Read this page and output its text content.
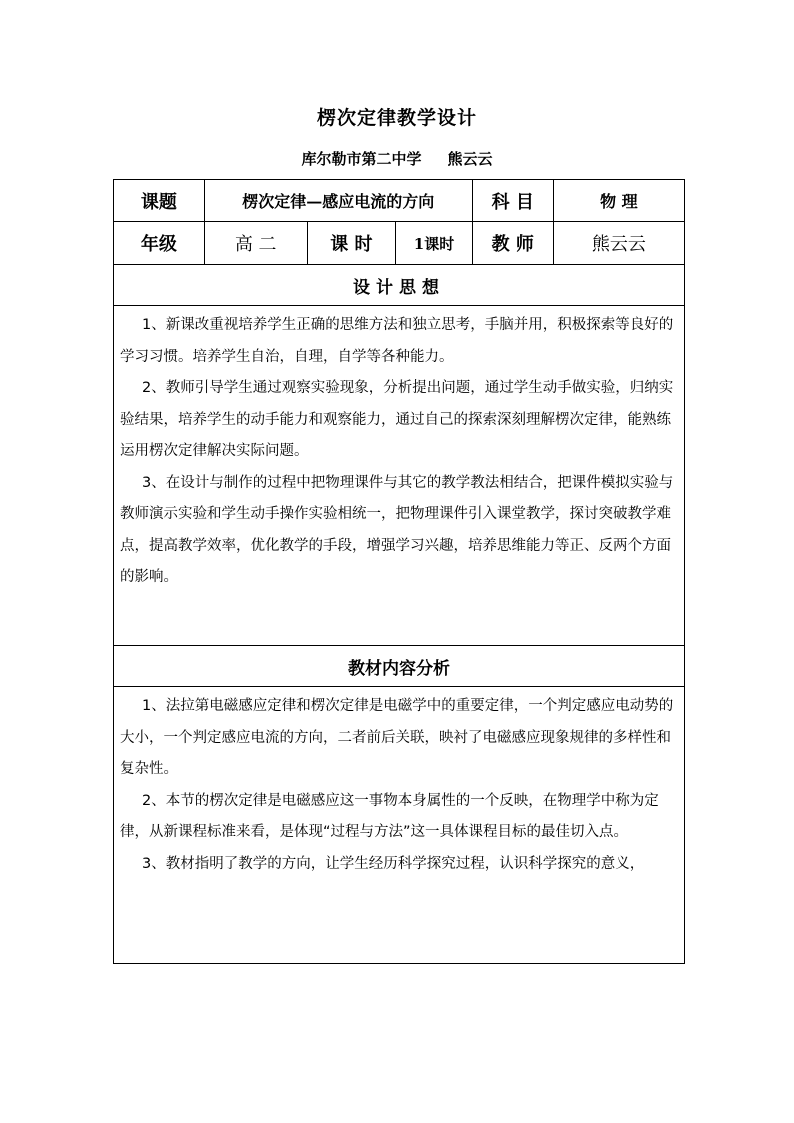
楞次定律教学设计
库尔勒市第二中学 熊云云
课题	楞次定律—感应电流的方向			科 目	物 理
年级	高 二	课 时	1课时	教 师	熊云云
设计思想					

1、新课改重视培养学生正确的思维方法和独立思考，手脑并用，积极探索等良好的学习习惯。培养学生自治，自理，自学等各种能力。

2、教师引导学生通过观察实验现象，分析提出问题，通过学生动手做实验，归纳实验结果，培养学生的动手能力和观察能力，通过自己的探索深刻理解楞次定律，能熟练运用楞次定律解决实际问题。

3、在设计与制作的过程中把物理课件与其它的教学教法相结合，把课件模拟实验与教师演示实验和学生动手操作实验相统一，把物理课件引入课堂教学，探讨突破教学难点，提高教学效率，优化教学的手段，增强学习兴趣，培养思维能力等正、反两个方面的影响。					

教材内容分析					

1、法拉第电磁感应定律和楞次定律是电磁学中的重要定律，一个判定感应电动势的大小，一个判定感应电流的方向，二者前后关联，映衬了电磁感应现象规律的多样性和复杂性。

2、本节的楞次定律是电磁感应这一事物本身属性的一个反映，在物理学中称为定律，从新课程标准来看，是体现“过程与方法”这一具体课程目标的最佳切入点。

3、教材指明了教学的方向，让学生经历科学探究过程，认识科学探究的意义，					
